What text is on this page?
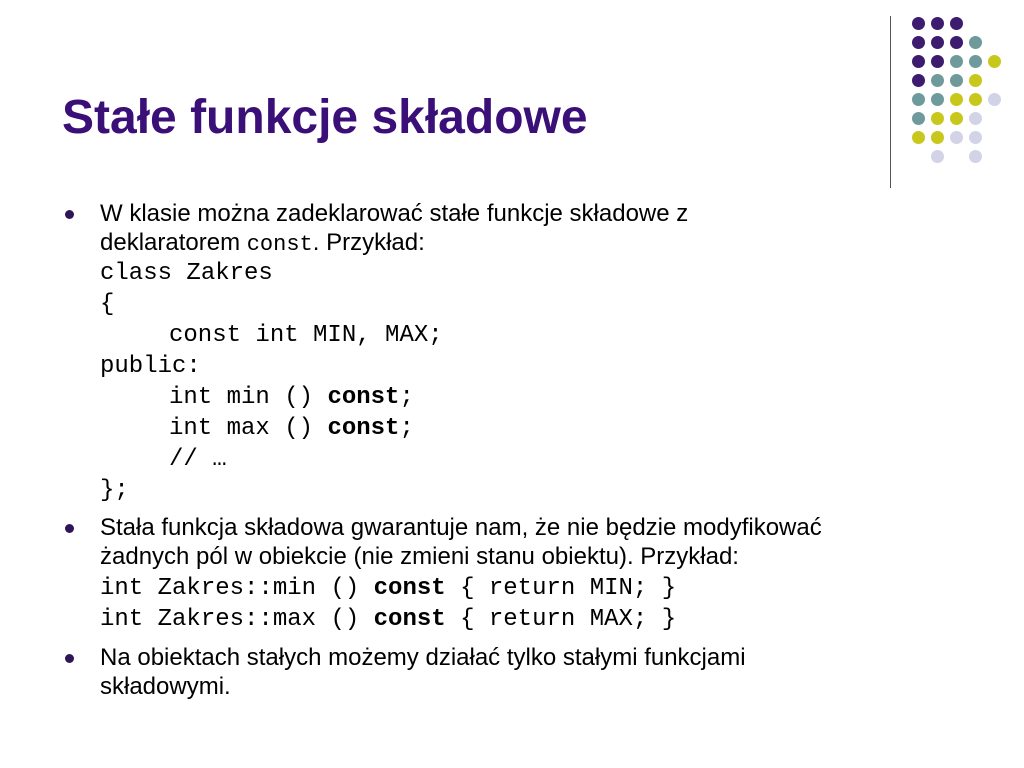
Stałe funkcje składowe
W klasie można zadeklarować stałe funkcje składowe z
deklaratorem const. Przykład:
class Zakres
{
const int MIN, MAX;
public:
int min () const;
int max () const;
// …
};
Stała funkcja składowa gwarantuje nam, że nie będzie modyfikować
żadnych pól w obiekcie (nie zmieni stanu obiektu). Przykład:
int Zakres::min () const { return MIN; }
int Zakres::max () const { return MAX; }
Na obiektach stałych możemy działać tylko stałymi funkcjami
składowymi.
